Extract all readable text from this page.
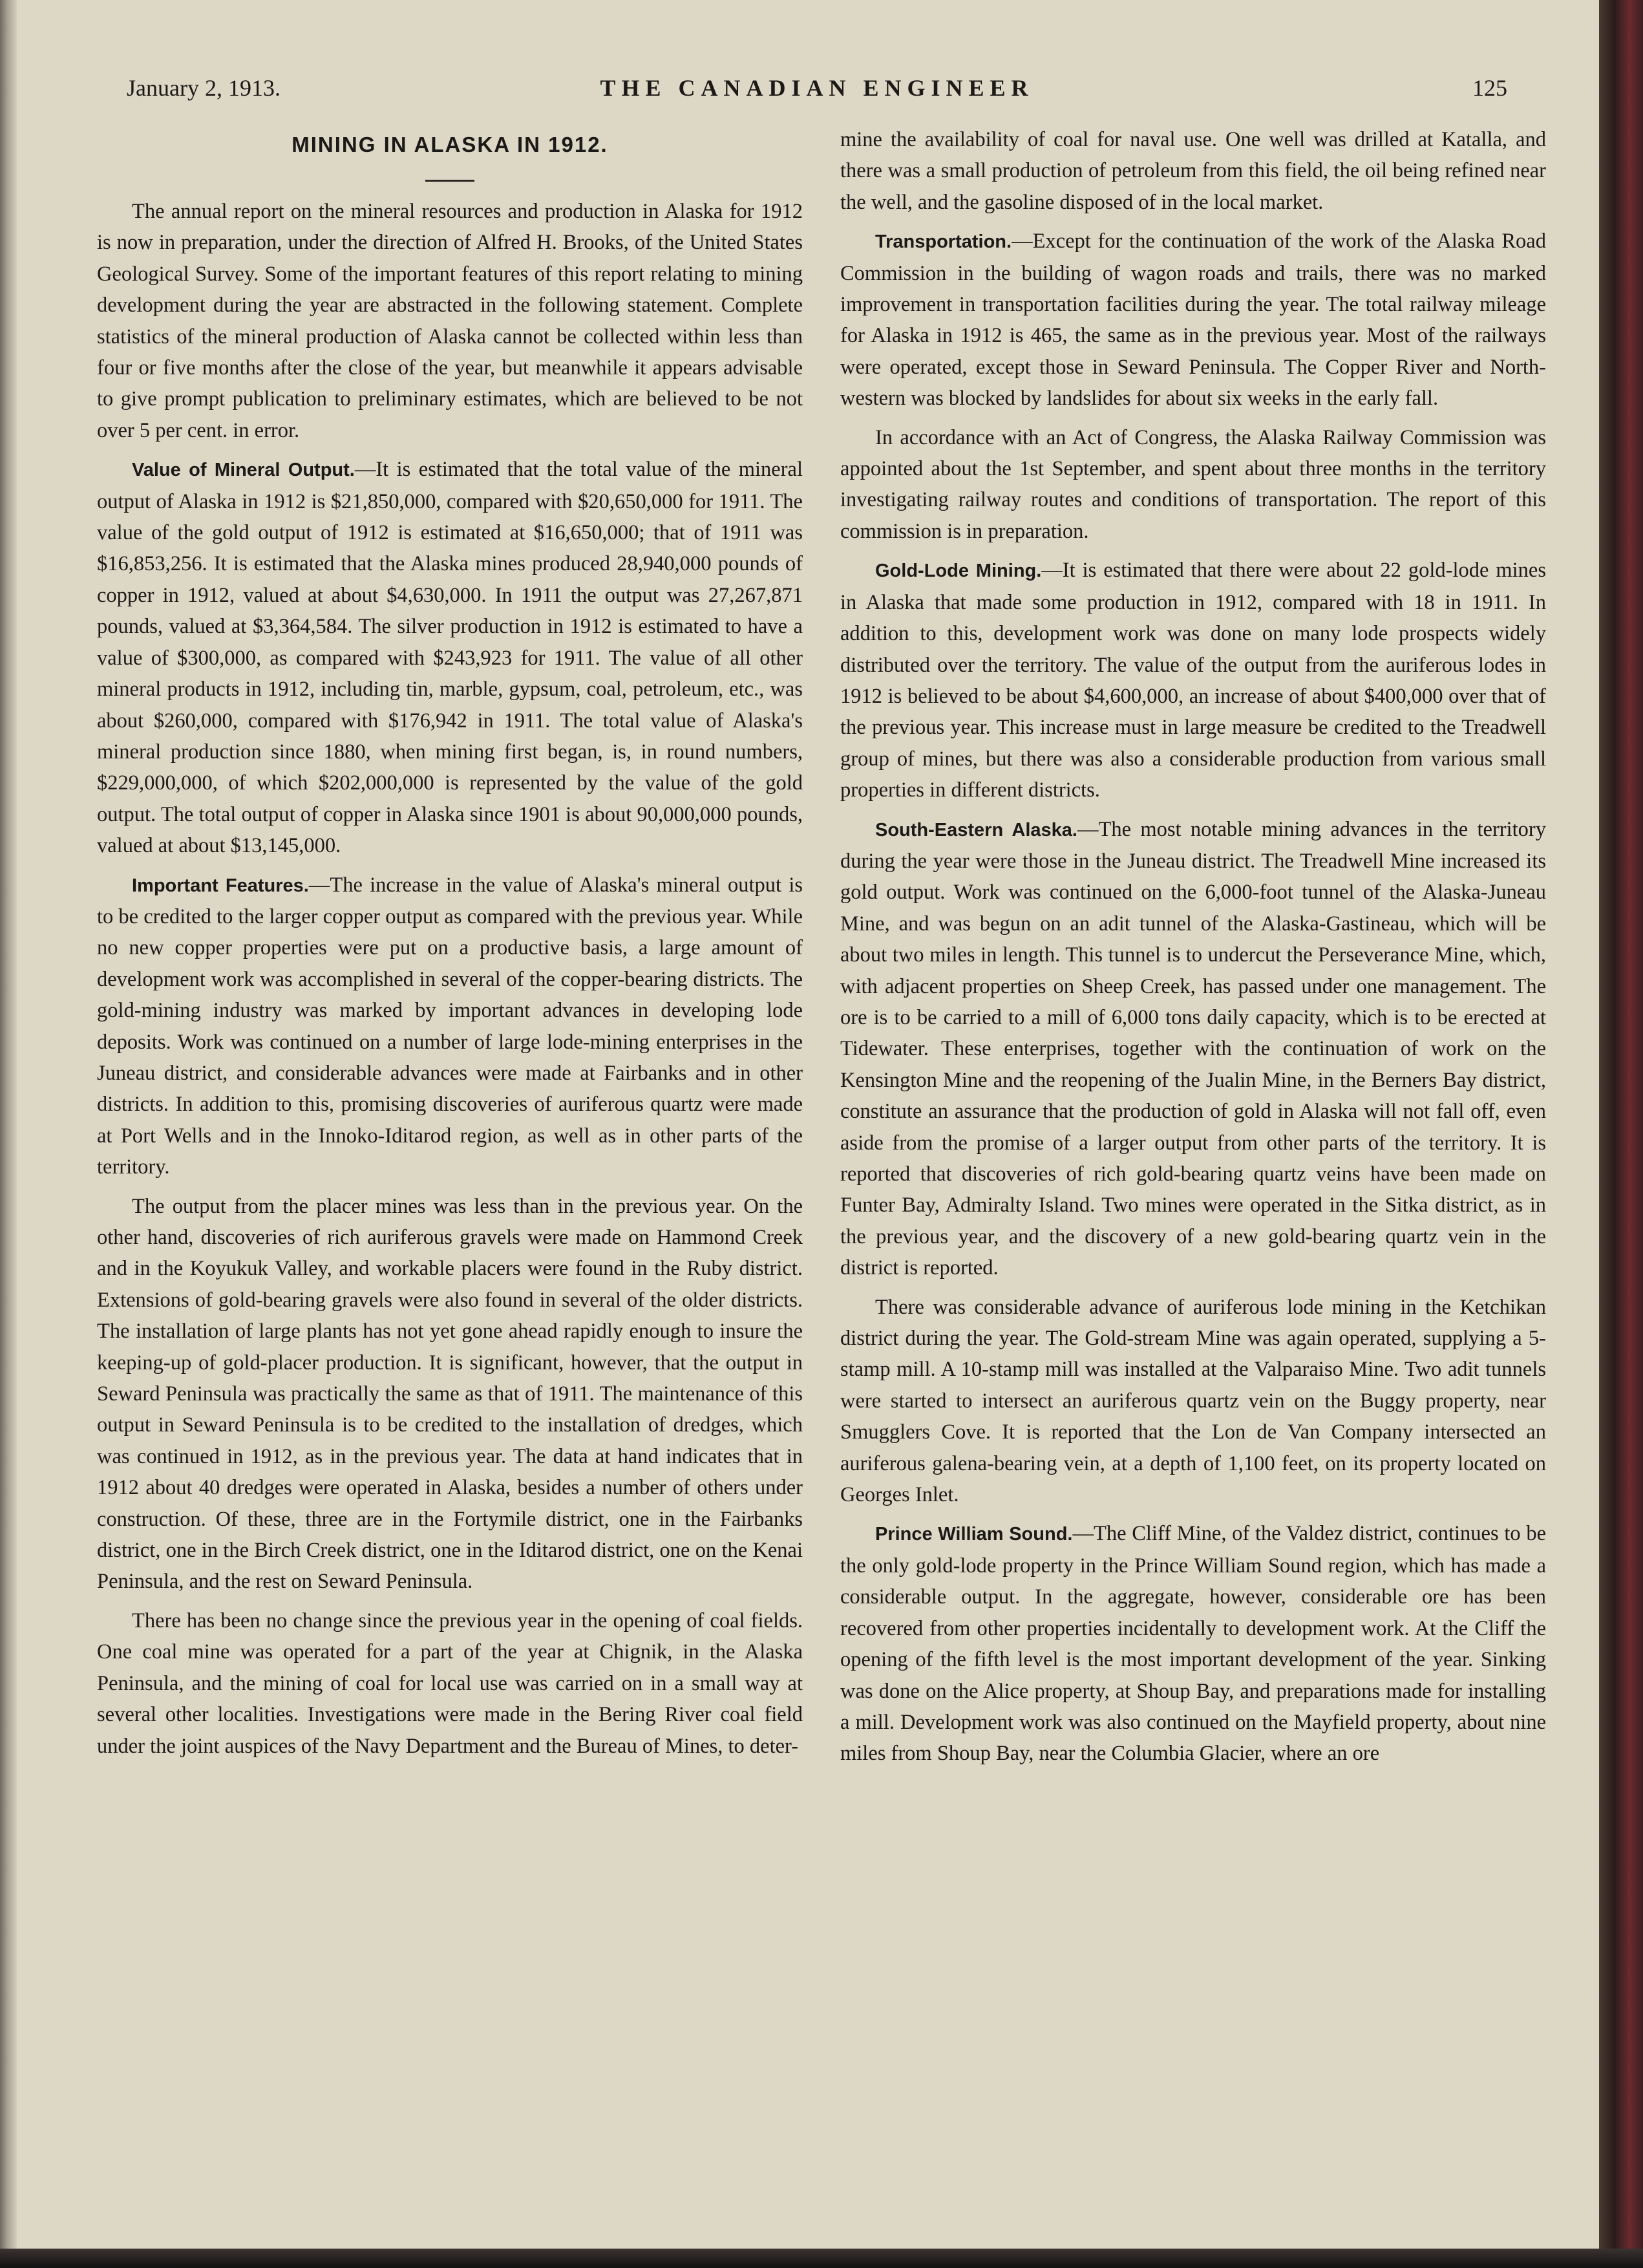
January 2, 1913.	THE CANADIAN ENGINEER	125
MINING IN ALASKA IN 1912.

The annual report on the mineral resources and production in Alaska for 1912 is now in preparation, under the direction of Alfred H. Brooks, of the United States Geological Survey. Some of the important features of this report relating to mining development during the year are abstracted in the following statement. Complete statistics of the mineral production of Alaska cannot be collected within less than four or five months after the close of the year, but meanwhile it appears advisable to give prompt publication to preliminary estimates, which are believed to be not over 5 per cent. in error.

Value of Mineral Output.—It is estimated that the total value of the mineral output of Alaska in 1912 is $21,850,000, compared with $20,650,000 for 1911. The value of the gold output of 1912 is estimated at $16,650,000; that of 1911 was $16,853,256. It is estimated that the Alaska mines produced 28,940,000 pounds of copper in 1912, valued at about $4,630,000. In 1911 the output was 27,267,871 pounds, valued at $3,364,584. The silver production in 1912 is estimated to have a value of $300,000, as compared with $243,923 for 1911. The value of all other mineral products in 1912, including tin, marble, gypsum, coal, petroleum, etc., was about $260,000, compared with $176,942 in 1911. The total value of Alaska's mineral production since 1880, when mining first began, is, in round numbers, $229,000,000, of which $202,000,000 is represented by the value of the gold output. The total output of copper in Alaska since 1901 is about 90,000,000 pounds, valued at about $13,145,000.

Important Features.—The increase in the value of Alaska's mineral output is to be credited to the larger copper output as compared with the previous year. While no new copper properties were put on a productive basis, a large amount of development work was accomplished in several of the copper-bearing districts. The gold-mining industry was marked by important advances in developing lode deposits. Work was continued on a number of large lode-mining enterprises in the Juneau district, and considerable advances were made at Fairbanks and in other districts. In addition to this, promising discoveries of auriferous quartz were made at Port Wells and in the Innoko-Iditarod region, as well as in other parts of the territory.

The output from the placer mines was less than in the previous year. On the other hand, discoveries of rich auriferous gravels were made on Hammond Creek and in the Koyukuk Valley, and workable placers were found in the Ruby district. Extensions of gold-bearing gravels were also found in several of the older districts. The installation of large plants has not yet gone ahead rapidly enough to insure the keeping-up of gold-placer production. It is significant, however, that the output in Seward Peninsula was practically the same as that of 1911. The maintenance of this output in Seward Peninsula is to be credited to the installation of dredges, which was continued in 1912, as in the previous year. The data at hand indicates that in 1912 about 40 dredges were operated in Alaska, besides a number of others under construction. Of these, three are in the Fortymile district, one in the Fairbanks district, one in the Birch Creek district, one in the Iditarod district, one on the Kenai Peninsula, and the rest on Seward Peninsula.

There has been no change since the previous year in the opening of coal fields. One coal mine was operated for a part of the year at Chignik, in the Alaska Peninsula, and the mining of coal for local use was carried on in a small way at several other localities. Investigations were made in the Bering River coal field under the joint auspices of the Navy Department and the Bureau of Mines, to deter-

mine the availability of coal for naval use. One well was drilled at Katalla, and there was a small production of petroleum from this field, the oil being refined near the well, and the gasoline disposed of in the local market.

Transportation.—Except for the continuation of the work of the Alaska Road Commission in the building of wagon roads and trails, there was no marked improvement in transportation facilities during the year. The total railway mileage for Alaska in 1912 is 465, the same as in the previous year. Most of the railways were operated, except those in Seward Peninsula. The Copper River and North-western was blocked by landslides for about six weeks in the early fall.

In accordance with an Act of Congress, the Alaska Railway Commission was appointed about the 1st September, and spent about three months in the territory investigating railway routes and conditions of transportation. The report of this commission is in preparation.

Gold-Lode Mining.—It is estimated that there were about 22 gold-lode mines in Alaska that made some production in 1912, compared with 18 in 1911. In addition to this, development work was done on many lode prospects widely distributed over the territory. The value of the output from the auriferous lodes in 1912 is believed to be about $4,600,000, an increase of about $400,000 over that of the previous year. This increase must in large measure be credited to the Treadwell group of mines, but there was also a considerable production from various small properties in different districts.

South-Eastern Alaska.—The most notable mining advances in the territory during the year were those in the Juneau district. The Treadwell Mine increased its gold output. Work was continued on the 6,000-foot tunnel of the Alaska-Juneau Mine, and was begun on an adit tunnel of the Alaska-Gastineau, which will be about two miles in length. This tunnel is to undercut the Perseverance Mine, which, with adjacent properties on Sheep Creek, has passed under one management. The ore is to be carried to a mill of 6,000 tons daily capacity, which is to be erected at Tidewater. These enterprises, together with the continuation of work on the Kensington Mine and the reopening of the Jualin Mine, in the Berners Bay district, constitute an assurance that the production of gold in Alaska will not fall off, even aside from the promise of a larger output from other parts of the territory. It is reported that discoveries of rich gold-bearing quartz veins have been made on Funter Bay, Admiralty Island. Two mines were operated in the Sitka district, as in the previous year, and the discovery of a new gold-bearing quartz vein in the district is reported.

There was considerable advance of auriferous lode mining in the Ketchikan district during the year. The Gold-stream Mine was again operated, supplying a 5-stamp mill. A 10-stamp mill was installed at the Valparaiso Mine. Two adit tunnels were started to intersect an auriferous quartz vein on the Buggy property, near Smugglers Cove. It is reported that the Lon de Van Company intersected an auriferous galena-bearing vein, at a depth of 1,100 feet, on its property located on Georges Inlet.

Prince William Sound.—The Cliff Mine, of the Valdez district, continues to be the only gold-lode property in the Prince William Sound region, which has made a considerable output. In the aggregate, however, considerable ore has been recovered from other properties incidentally to development work. At the Cliff the opening of the fifth level is the most important development of the year. Sinking was done on the Alice property, at Shoup Bay, and preparations made for installing a mill. Development work was also continued on the Mayfield property, about nine miles from Shoup Bay, near the Columbia Glacier, where an ore
